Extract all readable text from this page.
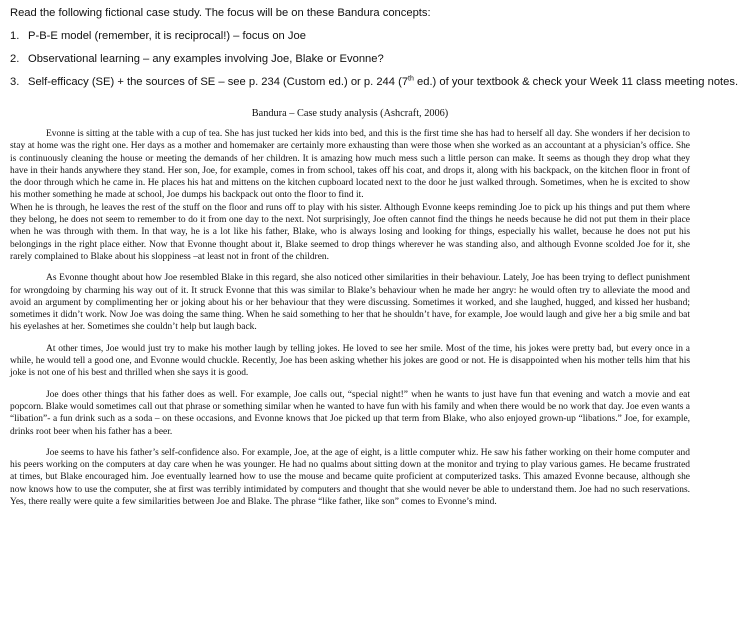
Read the following fictional case study. The focus will be on these Bandura concepts:

1. P-B-E model (remember, it is reciprocal!) – focus on Joe
2. Observational learning – any examples involving Joe, Blake or Evonne?
3. Self-efficacy (SE) + the sources of SE – see p. 234 (Custom ed.) or p. 244 (7th ed.) of your textbook & check your Week 11 class meeting notes.
Bandura – Case study analysis (Ashcraft, 2006)

Evonne is sitting at the table with a cup of tea. She has just tucked her kids into bed, and this is the first time she has had to herself all day. She wonders if her decision to stay at home was the right one. Her days as a mother and homemaker are certainly more exhausting than were those when she worked as an accountant at a physician’s office. She is continuously cleaning the house or meeting the demands of her children. It is amazing how much mess such a little person can make. It seems as though they drop what they have in their hands anywhere they stand. Her son, Joe, for example, comes in from school, takes off his coat, and drops it, along with his backpack, on the kitchen floor in front of the door through which he came in. He places his hat and mittens on the kitchen cupboard located next to the door he just walked through. Sometimes, when he is excited to show his mother something he made at school, Joe dumps his backpack out onto the floor to find it.

When he is through, he leaves the rest of the stuff on the floor and runs off to play with his sister. Although Evonne keeps reminding Joe to pick up his things and put them where they belong, he does not seem to remember to do it from one day to the next. Not surprisingly, Joe often cannot find the things he needs because he did not put them in their place when he was through with them. In that way, he is a lot like his father, Blake, who is always losing and looking for things, especially his wallet, because he does not put his belongings in the right place either. Now that Evonne thought about it, Blake seemed to drop things wherever he was standing also, and although Evonne scolded Joe for it, she rarely complained to Blake about his sloppiness –at least not in front of the children.

As Evonne thought about how Joe resembled Blake in this regard, she also noticed other similarities in their behaviour. Lately, Joe has been trying to deflect punishment for wrongdoing by charming his way out of it. It struck Evonne that this was similar to Blake’s behaviour when he made her angry: he would often try to alleviate the mood and avoid an argument by complimenting her or joking about his or her behaviour that they were discussing. Sometimes it worked, and she laughed, hugged, and kissed her husband; sometimes it didn’t work. Now Joe was doing the same thing. When he said something to her that he shouldn’t have, for example, Joe would laugh and give her a big smile and bat his eyelashes at her. Sometimes she couldn’t help but laugh back.

At other times, Joe would just try to make his mother laugh by telling jokes. He loved to see her smile. Most of the time, his jokes were pretty bad, but every once in a while, he would tell a good one, and Evonne would chuckle. Recently, Joe has been asking whether his jokes are good or not. He is disappointed when his mother tells him that his joke is not one of his best and thrilled when she says it is good.

Joe does other things that his father does as well. For example, Joe calls out, “special night!” when he wants to just have fun that evening and watch a movie and eat popcorn. Blake would sometimes call out that phrase or something similar when he wanted to have fun with his family and when there would be no work that day. Joe even wants a “libation”- a fun drink such as a soda – on these occasions, and Evonne knows that Joe picked up that term from Blake, who also enjoyed grown-up “libations.” Joe, for example, drinks root beer when his father has a beer.

Joe seems to have his father’s self-confidence also. For example, Joe, at the age of eight, is a little computer whiz. He saw his father working on their home computer and his peers working on the computers at day care when he was younger. He had no qualms about sitting down at the monitor and trying to play various games. He became frustrated at times, but Blake encouraged him. Joe eventually learned how to use the mouse and became quite proficient at computerized tasks. This amazed Evonne because, although she now knows how to use the computer, she at first was terribly intimidated by computers and thought that she would never be able to understand them. Joe had no such reservations. Yes, there really were quite a few similarities between Joe and Blake. The phrase “like father, like son” comes to Evonne’s mind.
